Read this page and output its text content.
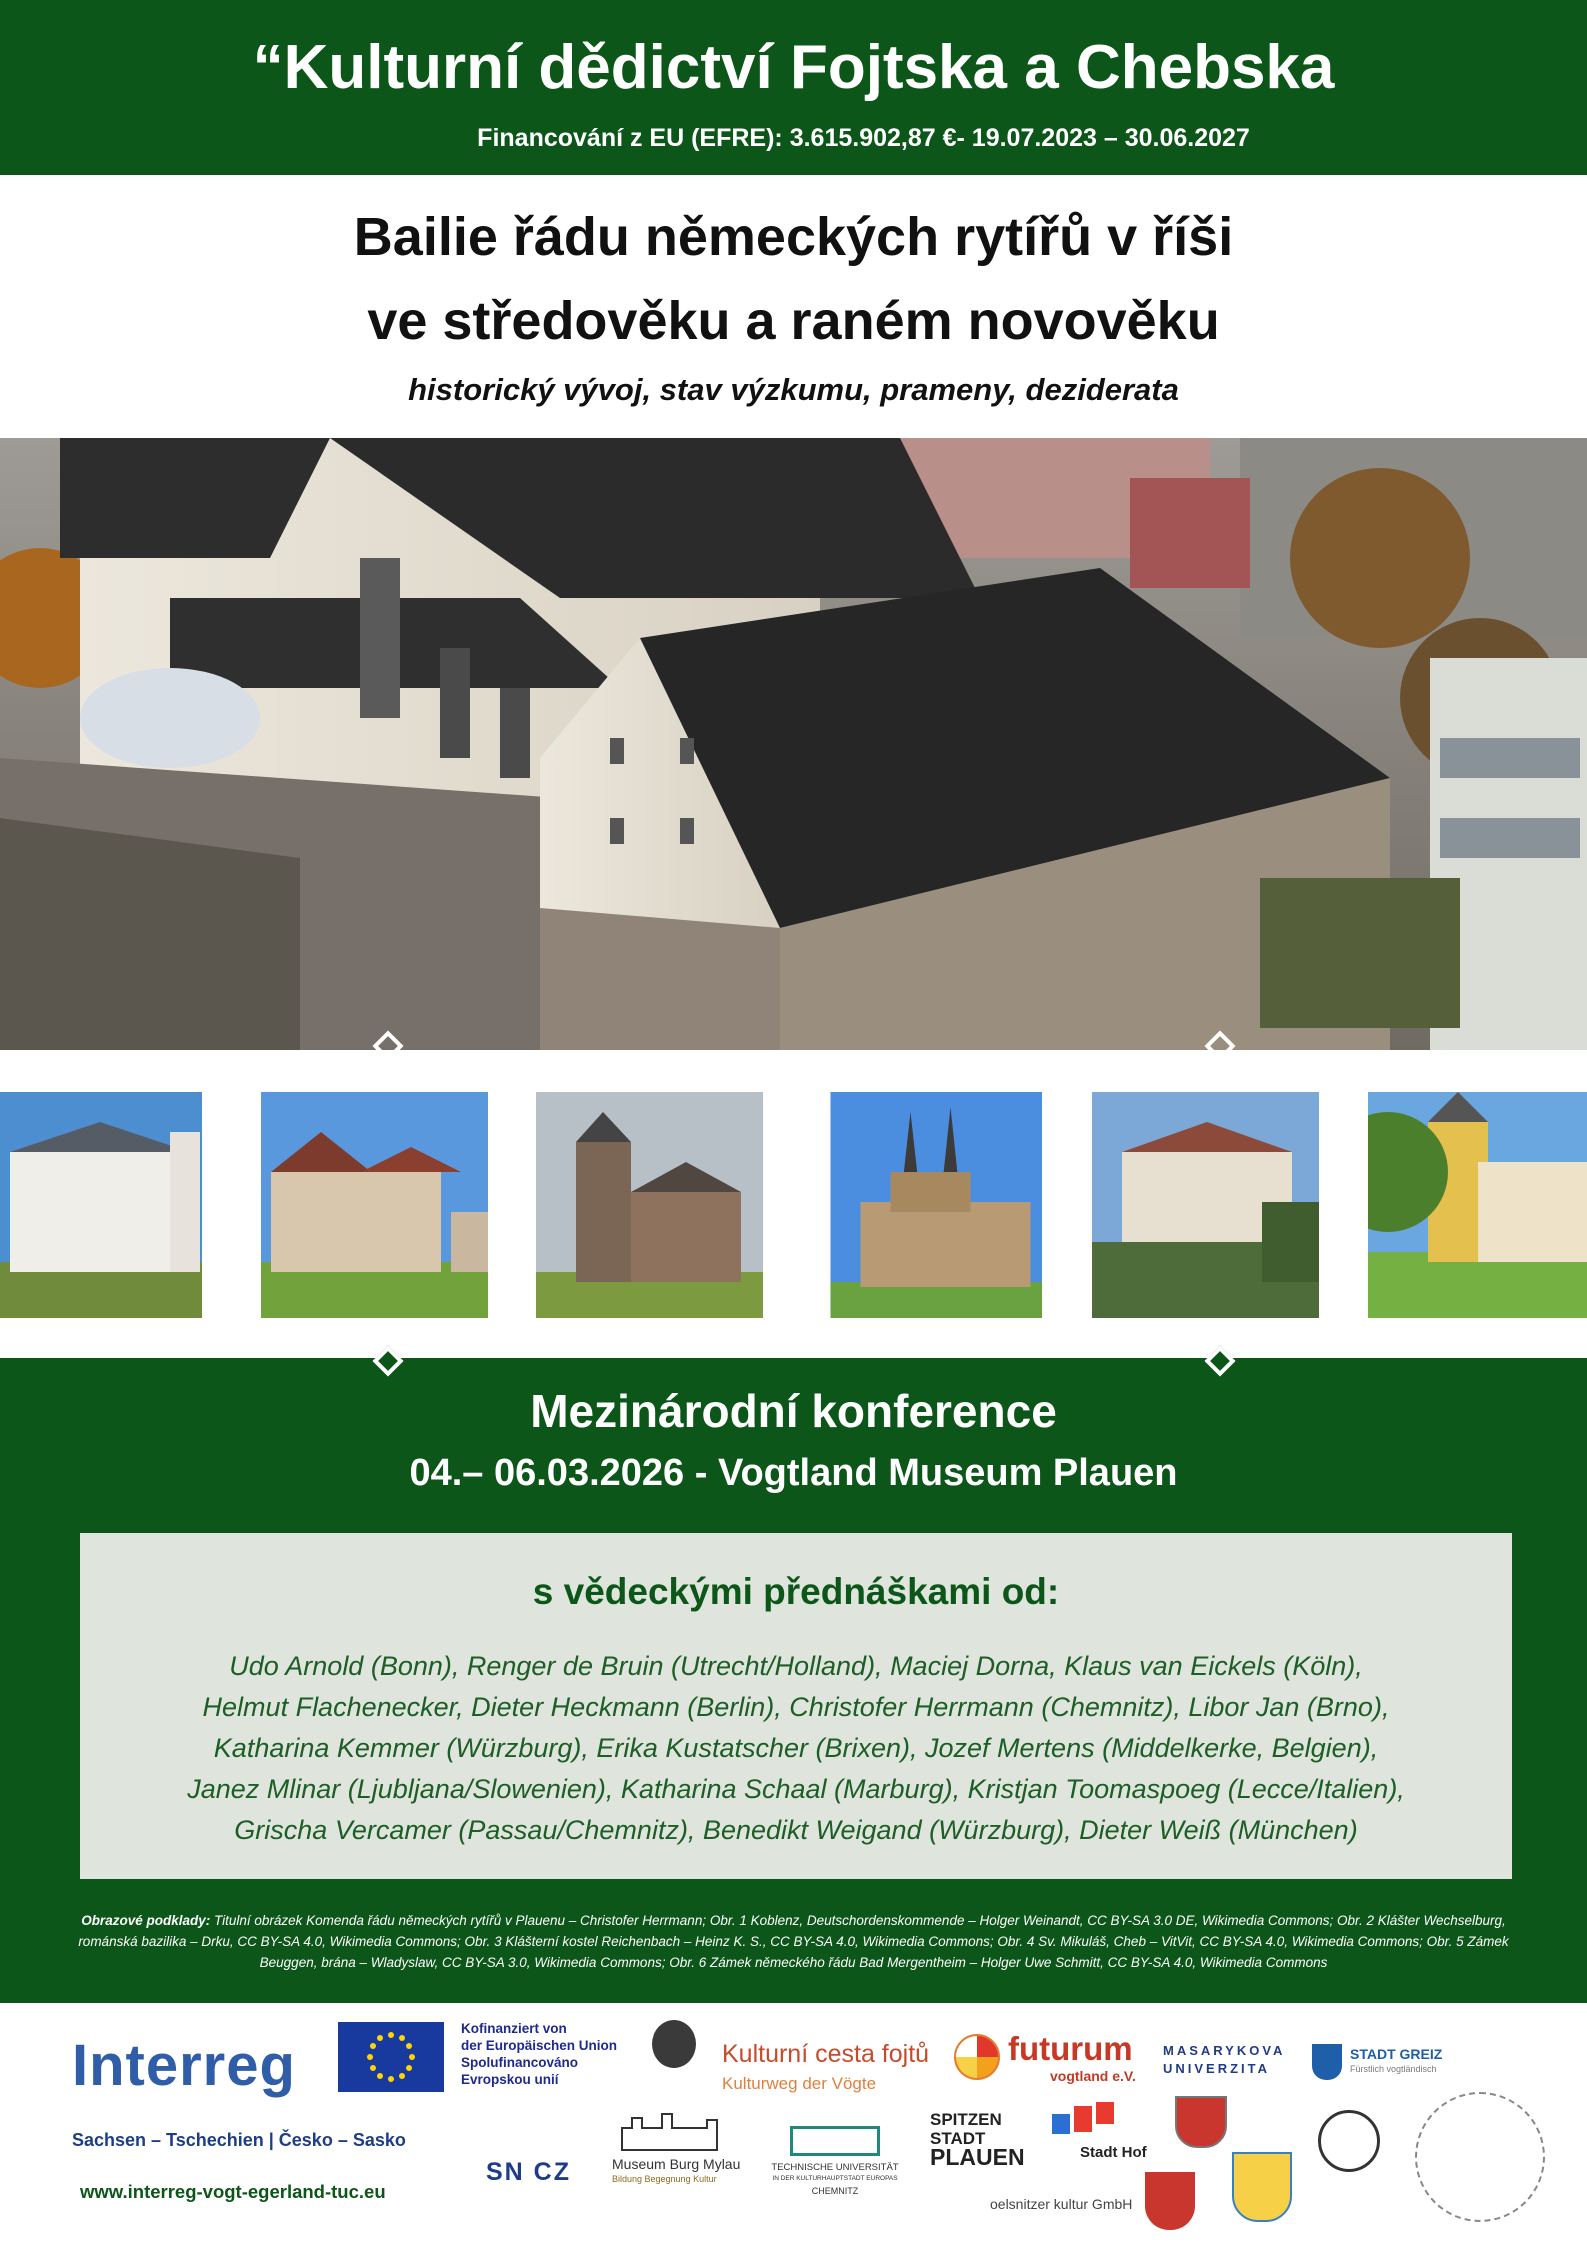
“Kulturní dědictví Fojtska a Chebska
Financování z EU (EFRE): 3.615.902,87 €- 19.07.2023 – 30.06.2027
Bailie řádu německých rytířů v říši
ve středověku a raném novověku
historický vývoj, stav výzkumu, prameny, deziderata
Mezinárodní konference
04.– 06.03.2026 - Vogtland Museum Plauen
s vědeckými přednáškami od:
Udo Arnold (Bonn), Renger de Bruin (Utrecht/Holland), Maciej Dorna, Klaus van Eickels (Köln),
Helmut Flachenecker, Dieter Heckmann (Berlin), Christofer Herrmann (Chemnitz), Libor Jan (Brno),
Katharina Kemmer (Würzburg), Erika Kustatscher (Brixen), Jozef Mertens (Middelkerke, Belgien),
Janez Mlinar (Ljubljana/Slowenien), Katharina Schaal (Marburg), Kristjan Toomaspoeg (Lecce/Italien),
Grischa Vercamer (Passau/Chemnitz), Benedikt Weigand (Würzburg), Dieter Weiß (München)
Obrazové podklady: Titulní obrázek Komenda řádu německých rytířů v Plauenu – Christofer Herrmann; Obr. 1 Koblenz, Deutschordenskommende – Holger Weinandt, CC BY-SA 3.0 DE, Wikimedia Commons; Obr. 2 Klášter Wechselburg, románská bazilika – Drku, CC BY-SA 4.0, Wikimedia Commons; Obr. 3 Klášterní kostel Reichenbach – Heinz K. S., CC BY-SA 4.0, Wikimedia Commons; Obr. 4 Sv. Mikuláš, Cheb – VitVit, CC BY-SA 4.0, Wikimedia Commons; Obr. 5 Zámek Beuggen, brána – Wladyslaw, CC BY-SA 3.0, Wikimedia Commons; Obr. 6 Zámek německého řádu Bad Mergentheim – Holger Uwe Schmitt, CC BY-SA 4.0, Wikimedia Commons
Interreg
Kofinanziert von
der Europäischen Union
Spolufinancováno
Evropskou unií
Sachsen – Tschechien | Česko – Sasko
www.interreg-vogt-egerland-tuc.eu
Kulturní cesta fojtů
Kulturweg der Vögte
futurum
vogtland e.V.
MASARYKOVA UNIVERZITA
STADT GREIZ
Fürstlich vogtländisch
SN CZ	Museum Burg Mylau
Bildung Begegnung Kultur
TECHNISCHE UNIVERSITÄT
IN DER KULTURHAUPTSTADT EUROPAS
CHEMNITZ
SPITZEN
STADT
PLAUEN	Stadt Hof
oelsnitzer kultur GmbH
